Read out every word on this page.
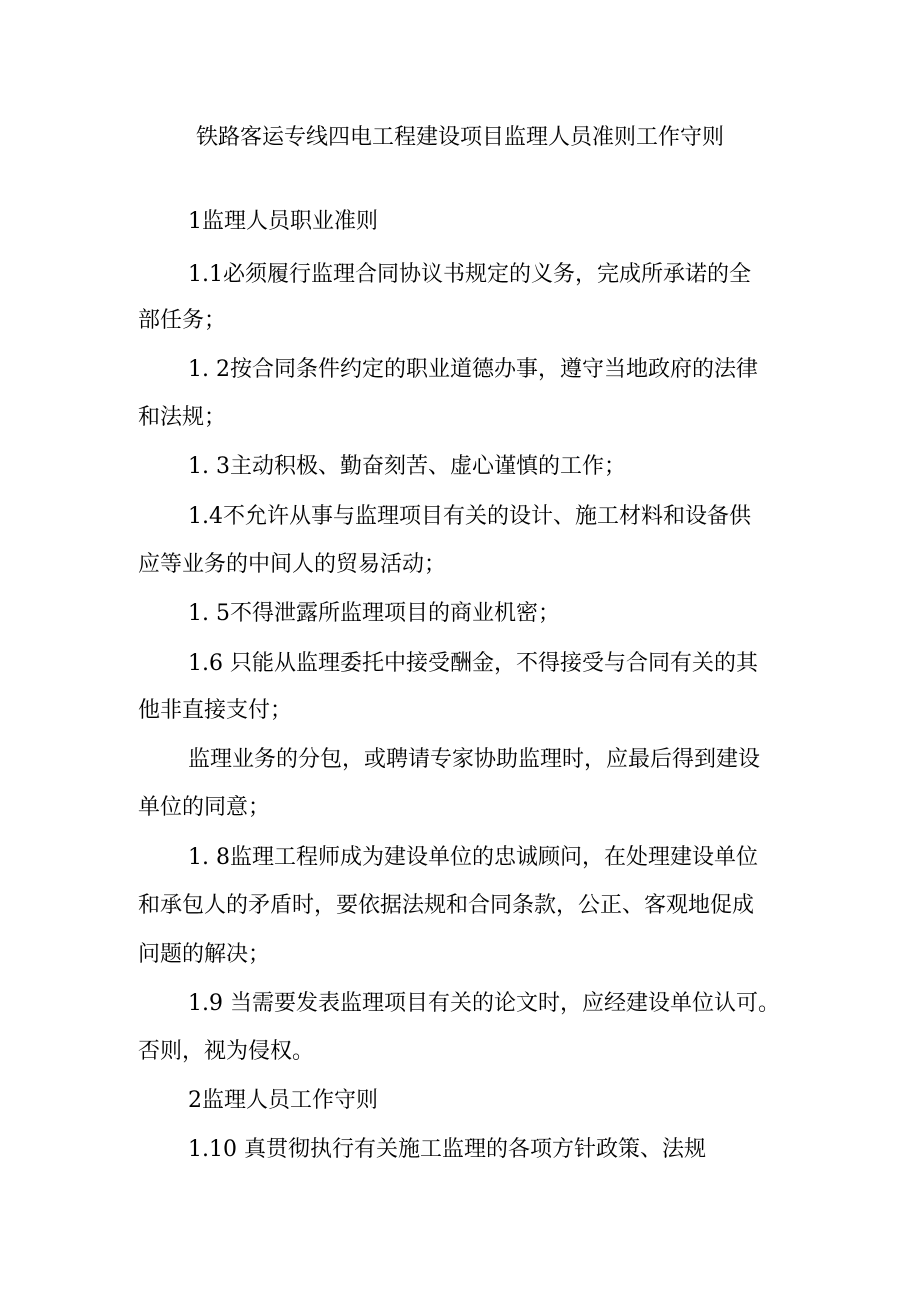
铁路客运专线四电工程建设项目监理人员准则工作守则
1监理人员职业准则
1.1必须履行监理合同协议书规定的义务，完成所承诺的全
部任务；
1. 2按合同条件约定的职业道德办事，遵守当地政府的法律
和法规；
1. 3主动积极、勤奋刻苦、虚心谨慎的工作；
1.4不允许从事与监理项目有关的设计、施工材料和设备供
应等业务的中间人的贸易活动；
1. 5不得泄露所监理项目的商业机密；
1.6 只能从监理委托中接受酬金，不得接受与合同有关的其
他非直接支付；
监理业务的分包，或聘请专家协助监理时，应最后得到建设
单位的同意；
1. 8监理工程师成为建设单位的忠诚顾问，在处理建设单位
和承包人的矛盾时，要依据法规和合同条款，公正、客观地促成
问题的解决；
1.9 当需要发表监理项目有关的论文时，应经建设单位认可。
否则，视为侵权。
2监理人员工作守则
1.10 真贯彻执行有关施工监理的各项方针政策、法规
